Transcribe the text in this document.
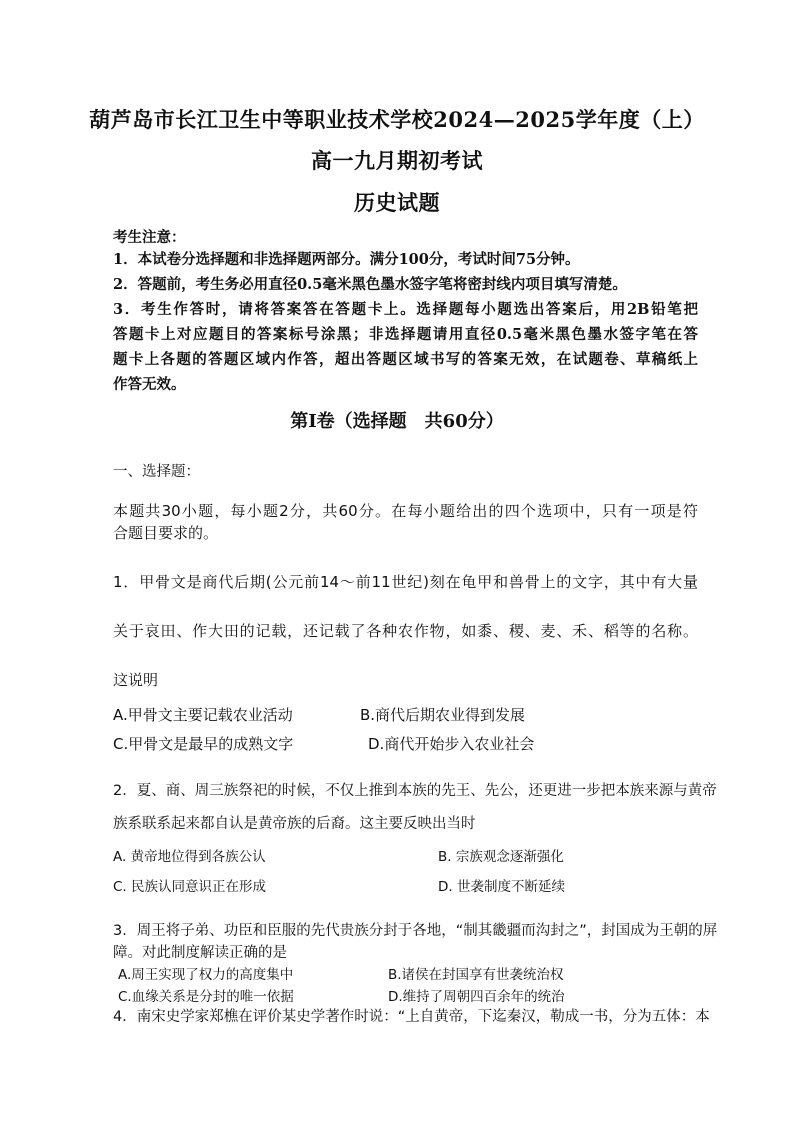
葫芦岛市长江卫生中等职业技术学校2024—2025学年度（上）
高一九月期初考试
历史试题
考生注意：
1．本试卷分选择题和非选择题两部分。满分100分，考试时间75分钟。
2．答题前，考生务必用直径0.5毫米黑色墨水签字笔将密封线内项目填写清楚。
3．考生作答时，请将答案答在答题卡上。选择题每小题选出答案后，用2B铅笔把
答题卡上对应题目的答案标号涂黑；非选择题请用直径0.5毫米黑色墨水签字笔在答
题卡上各题的答题区域内作答，超出答题区域书写的答案无效，在试题卷、草稿纸上
作答无效。
第Ⅰ卷（选择题　共60分）
一、选择题：
本题共30小题，每小题2分，共60分。在每小题给出的四个选项中，只有一项是符
合题目要求的。
1．甲骨文是商代后期(公元前14～前11世纪)刻在龟甲和兽骨上的文字，其中有大量
关于哀田、作大田的记载，还记载了各种农作物，如黍、稷、麦、禾、稻等的名称。
这说明
A.甲骨文主要记载农业活动	B.商代后期农业得到发展
C.甲骨文是最早的成熟文字	D.商代开始步入农业社会
2．夏、商、周三族祭祀的时候，不仅上推到本族的先王、先公，还更进一步把本族来源与黄帝
族系联系起来都自认是黄帝族的后裔。这主要反映出当时
A. 黄帝地位得到各族公认	B. 宗族观念逐渐强化
C. 民族认同意识正在形成	D. 世袭制度不断延续
3．周王将子弟、功臣和臣服的先代贵族分封于各地，“制其畿疆而沟封之”，封国成为王朝的屏
障。对此制度解读正确的是
A.周王实现了权力的高度集中	B.诸侯在封国享有世袭统治权
C.血缘关系是分封的唯一依据	D.维持了周朝四百余年的统治
4．南宋史学家郑樵在评价某史学著作时说：“上自黄帝，下迄秦汉，勒成一书，分为五体：本
